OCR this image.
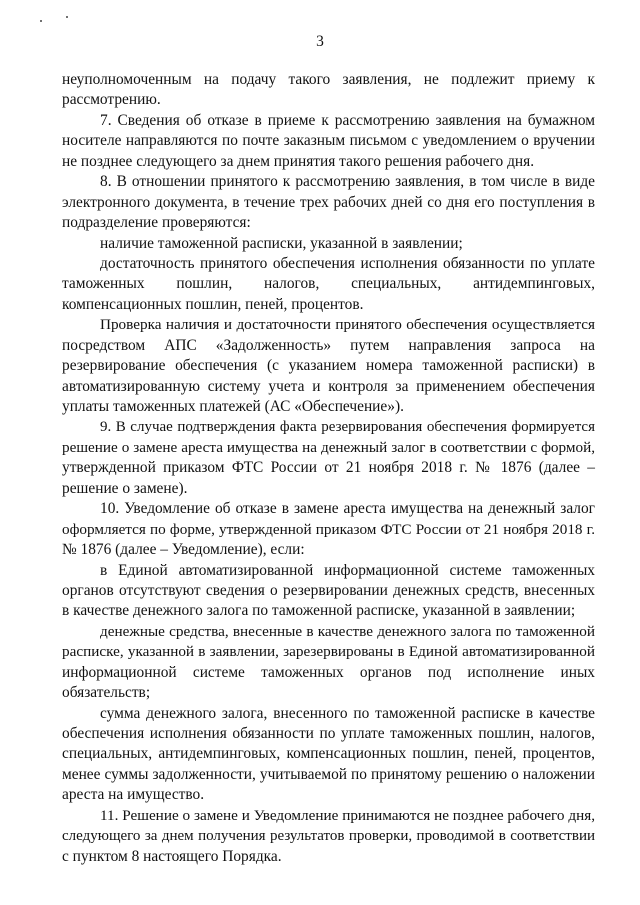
3
неуполномоченным на подачу такого заявления, не подлежит приему к
рассмотрению.
7. Сведения об отказе в приеме к рассмотрению заявления на бумажном
носителе направляются по почте заказным письмом с уведомлением о вручении
не позднее следующего за днем принятия такого решения рабочего дня.
8. В отношении принятого к рассмотрению заявления, в том числе в виде
электронного документа, в течение трех рабочих дней со дня его поступления в
подразделение проверяются:
наличие таможенной расписки, указанной в заявлении;
достаточность принятого обеспечения исполнения обязанности по уплате
таможенных пошлин, налогов, специальных, антидемпинговых,
компенсационных пошлин, пеней, процентов.
Проверка наличия и достаточности принятого обеспечения осуществляется
посредством АПС «Задолженность» путем направления запроса на
резервирование обеспечения (с указанием номера таможенной расписки) в
автоматизированную систему учета и контроля за применением обеспечения
уплаты таможенных платежей (АС «Обеспечение»).
9. В случае подтверждения факта резервирования обеспечения формируется
решение о замене ареста имущества на денежный залог в соответствии с формой,
утвержденной приказом ФТС России от 21 ноября 2018 г. № 1876 (далее –
решение о замене).
10. Уведомление об отказе в замене ареста имущества на денежный залог
оформляется по форме, утвержденной приказом ФТС России от 21 ноября 2018 г.
№ 1876 (далее – Уведомление), если:
в Единой автоматизированной информационной системе таможенных
органов отсутствуют сведения о резервировании денежных средств, внесенных
в качестве денежного залога по таможенной расписке, указанной в заявлении;
денежные средства, внесенные в качестве денежного залога по таможенной
расписке, указанной в заявлении, зарезервированы в Единой автоматизированной
информационной системе таможенных органов под исполнение иных
обязательств;
сумма денежного залога, внесенного по таможенной расписке в качестве
обеспечения исполнения обязанности по уплате таможенных пошлин, налогов,
специальных, антидемпинговых, компенсационных пошлин, пеней, процентов,
менее суммы задолженности, учитываемой по принятому решению о наложении
ареста на имущество.
11. Решение о замене и Уведомление принимаются не позднее рабочего дня,
следующего за днем получения результатов проверки, проводимой в соответствии
с пунктом 8 настоящего Порядка.
